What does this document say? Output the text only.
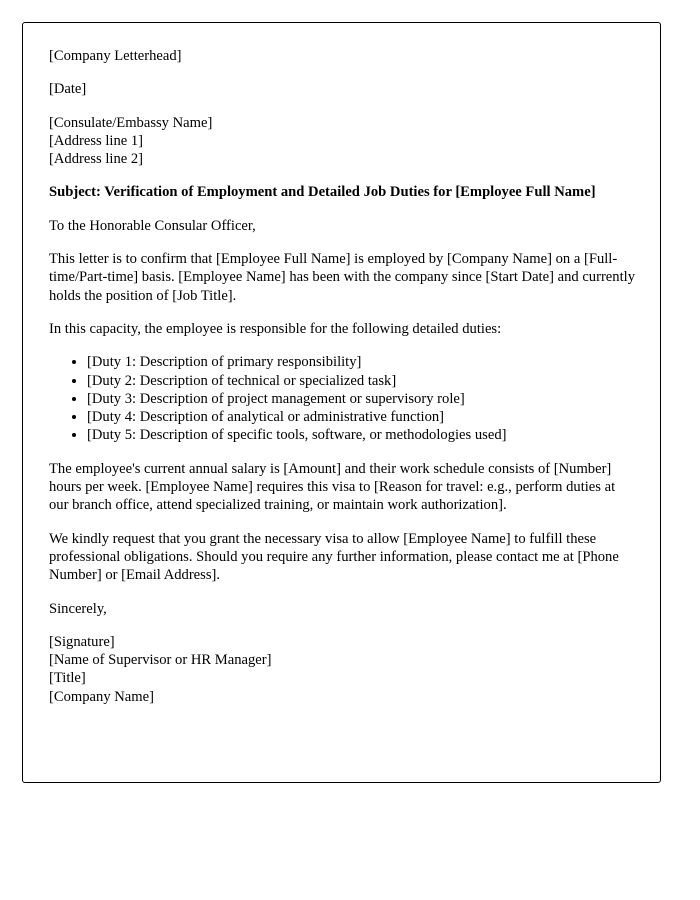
[Company Letterhead]

[Date]

[Consulate/Embassy Name]
[Address line 1]
[Address line 2]

Subject: Verification of Employment and Detailed Job Duties for [Employee Full Name]

To the Honorable Consular Officer,

This letter is to confirm that [Employee Full Name] is employed by [Company Name] on a [Full-time/Part-time] basis. [Employee Name] has been with the company since [Start Date] and currently holds the position of [Job Title].

In this capacity, the employee is responsible for the following detailed duties:

• [Duty 1: Description of primary responsibility]
• [Duty 2: Description of technical or specialized task]
• [Duty 3: Description of project management or supervisory role]
• [Duty 4: Description of analytical or administrative function]
• [Duty 5: Description of specific tools, software, or methodologies used]

The employee's current annual salary is [Amount] and their work schedule consists of [Number] hours per week. [Employee Name] requires this visa to [Reason for travel: e.g., perform duties at our branch office, attend specialized training, or maintain work authorization].

We kindly request that you grant the necessary visa to allow [Employee Name] to fulfill these professional obligations. Should you require any further information, please contact me at [Phone Number] or [Email Address].

Sincerely,

[Signature]
[Name of Supervisor or HR Manager]
[Title]
[Company Name]
